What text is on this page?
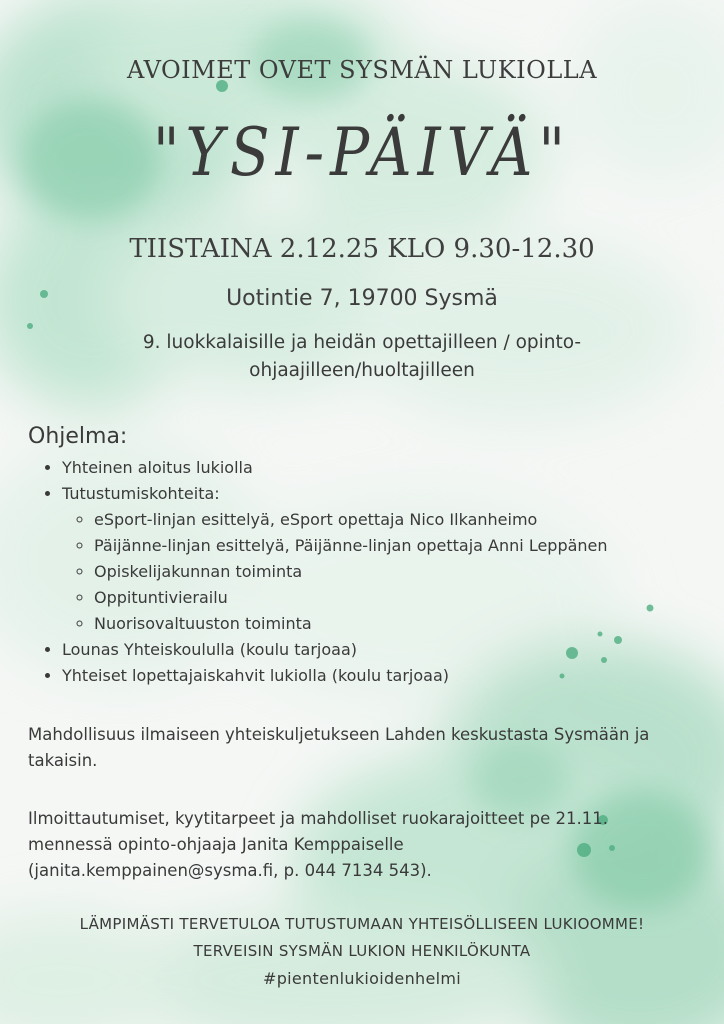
AVOIMET OVET SYSMÄN LUKIOLLA
"YSI-PÄIVÄ"
TIISTAINA 2.12.25 KLO 9.30-12.30
Uotintie 7, 19700 Sysmä
9. luokkalaisille ja heidän opettajilleen / opinto-ohjaajilleen/huoltajilleen
Ohjelma:
• Yhteinen aloitus lukiolla
• Tutustumiskohteita:
◦ eSport-linjan esittelyä, eSport opettaja Nico Ilkanheimo
◦ Päijänne-linjan esittelyä, Päijänne-linjan opettaja Anni Leppänen
◦ Opiskelijakunnan toiminta
◦ Oppituntivierailu
◦ Nuorisovaltuuston toiminta
• Lounas Yhteiskoululla (koulu tarjoaa)
• Yhteiset lopettajaiskahvit lukiolla (koulu tarjoaa)
Mahdollisuus ilmaiseen yhteiskuljetukseen Lahden keskustasta Sysmään ja takaisin.
Ilmoittautumiset, kyytitarpeet ja mahdolliset ruokarajoitteet pe 21.11.
mennessä opinto-ohjaaja Janita Kemppaiselle
(janita.kemppainen@sysma.fi, p. 044 7134 543).
LÄMPIMÄSTI TERVETULOA TUTUSTUMAAN YHTEISÖLLISEEN LUKIOOMME!
TERVEISIN SYSMÄN LUKION HENKILÖKUNTA
#pientenlukioidenhelmi
